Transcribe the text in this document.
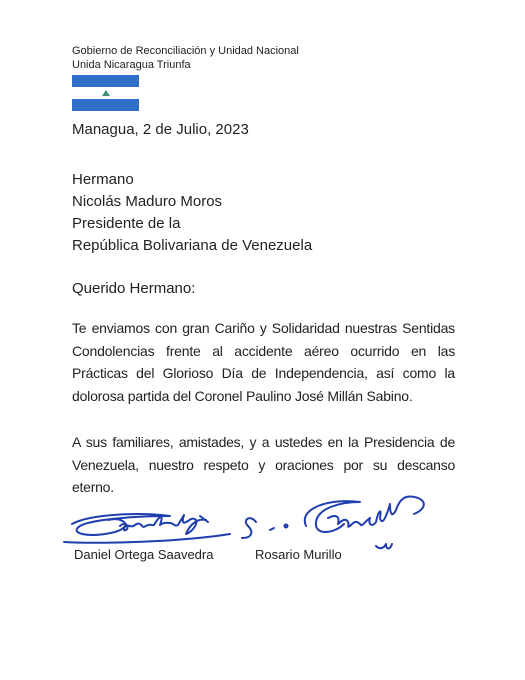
Gobierno de Reconciliación y Unidad Nacional
Unida Nicaragua Triunfa
Managua, 2 de Julio, 2023
Hermano
Nicolás Maduro Moros
Presidente de la
República Bolivariana de Venezuela
Querido Hermano:
Te enviamos con gran Cariño y Solidaridad nuestras Sentidas Condolencias frente al accidente aéreo ocurrido en las Prácticas del Glorioso Día de Independencia, así como la dolorosa partida del Coronel Paulino José Millán Sabino.
A sus familiares, amistades, y a ustedes en la Presidencia de Venezuela, nuestro respeto y oraciones por su descanso eterno.
Daniel Ortega Saavedra	Rosario Murillo
